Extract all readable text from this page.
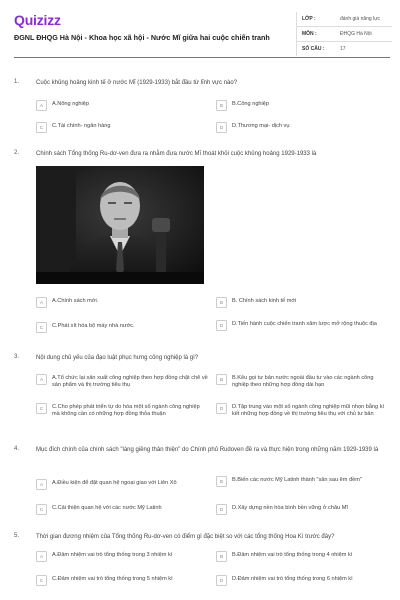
Quizizz
ĐGNL ĐHQG Hà Nội - Khoa học xã hội - Nước Mĩ giữa hai cuộc chiến tranh
LỚP :	đánh giá năng lực
MÔN :	ĐHQG Hà Nội
SỐ CÂU :	17
1.	Cuộc khủng hoảng kinh tế ở nước Mĩ (1929-1933) bắt đầu từ lĩnh vực nào?
A	A.Nông nghiệp	B	B.Công nghiệp
C	C.Tài chính- ngân hàng	D	D.Thương mại- dịch vụ
2.	Chính sách Tổng thống Ru-dơ-ven đưa ra nhằm đưa nước Mĩ thoát khỏi cuộc khủng hoảng 1929-1933 là
A	A.Chính sách mới.	B	B. Chính sách kinh tế mới
C	C.Phát xít hóa bộ máy nhà nước.	D	D.Tiến hành cuộc chiến tranh xâm lược mở rộng thuộc địa
3.	Nội dung chủ yếu của đạo luật phục hưng công nghiệp là gì?
A	A.Tổ chức lại sản xuất công nghiệp theo hợp đồng chặt chẽ về sản phẩm và thị trường tiêu thụ
B	B.Kêu gọi tư bản nước ngoài đầu tư vào các ngành công nghiệp theo những hợp đồng dài hạn
C	C.Cho phép phát triển tự do hóa một số ngành công nghiệp mà không cần có những hợp đồng thỏa thuận
D	D.Tập trung vào một số ngành công nghiệp mũi nhọn bằng kí kết những hợp đồng về thị trường tiêu thụ với chủ tư bản
4.	Mục đích chính của chính sách "láng giềng thân thiện" do Chính phủ Rudoven đề ra và thực hiện trong những năm 1929-1939 là
A	A.Điều kiện để đặt quan hệ ngoại giao với Liên Xô	B	B.Biến các nước Mỹ Latinh thành "sân sau êm đềm"
C	C.Cải thiện quan hệ với các nước Mỹ Latinh	D	D.Xây dựng nền hòa bình bền vững ở châu Mĩ
5.	Thời gian đương nhiệm của Tổng thống Ru-dơ-ven có điểm gì đặc biệt so với các tổng thống Hoa Kì trước đây?
A	A.Đảm nhiệm vai trò tổng thống trong 3 nhiệm kì	B	B.Đảm nhiệm vai trò tổng thống trong 4 nhiệm kì
C	C.Đảm nhiệm vai trò tổng thống trong 5 nhiệm kì	D	D.Đảm nhiệm vai trò tổng thống trong 6 nhiệm kì
